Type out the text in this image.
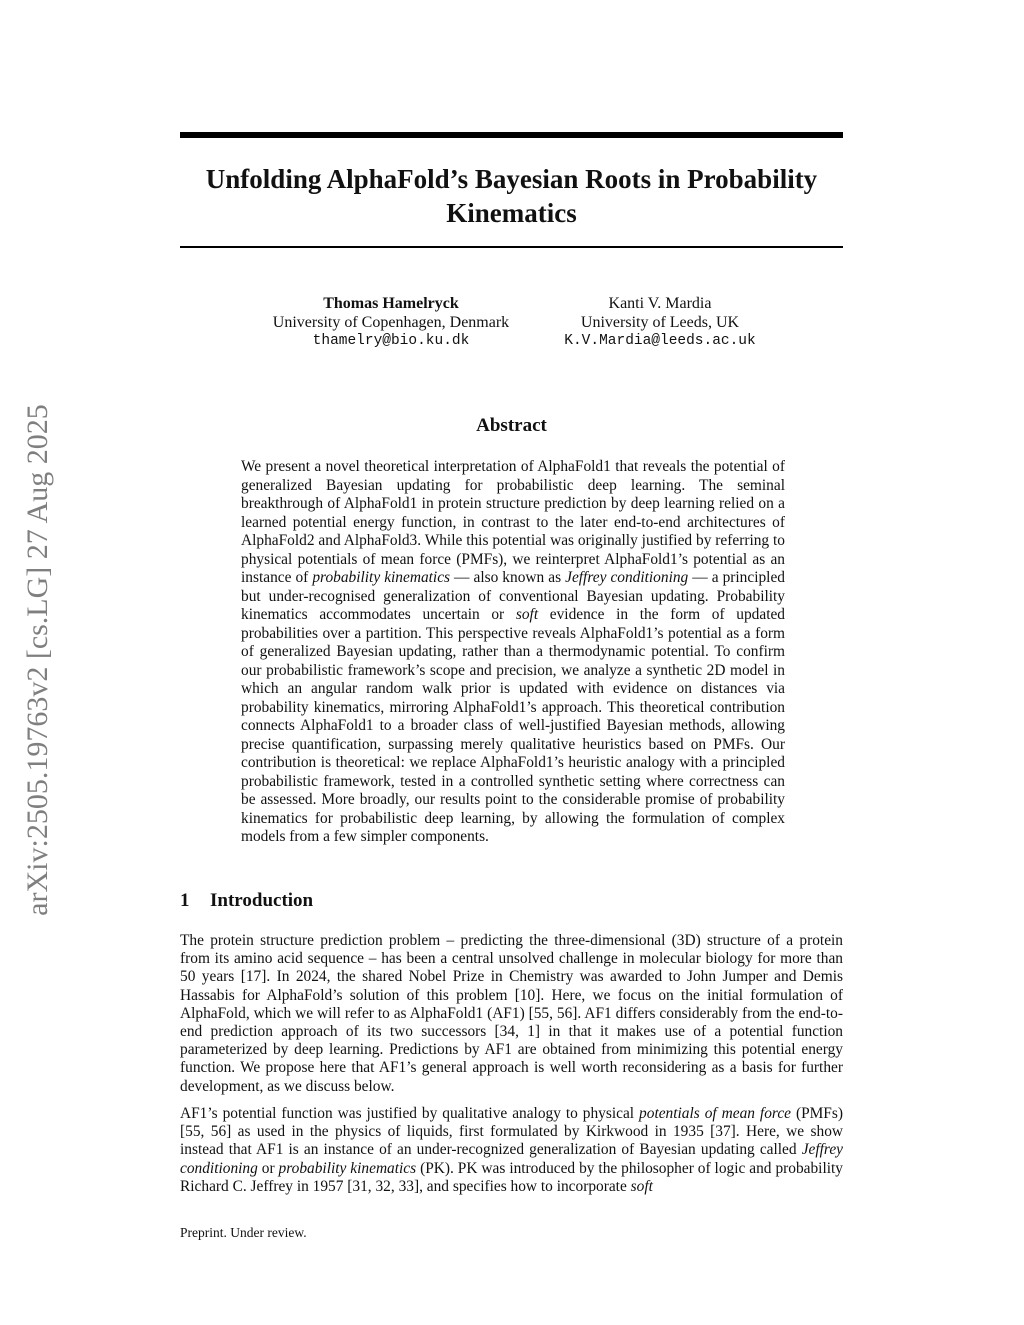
arXiv:2505.19763v2 [cs.LG] 27 Aug 2025
Unfolding AlphaFold’s Bayesian Roots in Probability Kinematics
Thomas Hamelryck
University of Copenhagen, Denmark
thamelry@bio.ku.dk
Kanti V. Mardia
University of Leeds, UK
K.V.Mardia@leeds.ac.uk
Abstract

We present a novel theoretical interpretation of AlphaFold1 that reveals the potential of generalized Bayesian updating for probabilistic deep learning. The seminal breakthrough of AlphaFold1 in protein structure prediction by deep learning relied on a learned potential energy function, in contrast to the later end-to-end architectures of AlphaFold2 and AlphaFold3. While this potential was originally justified by referring to physical potentials of mean force (PMFs), we reinterpret AlphaFold1’s potential as an instance of probability kinematics — also known as Jeffrey conditioning — a principled but under-recognised generalization of conventional Bayesian updating. Probability kinematics accommodates uncertain or soft evidence in the form of updated probabilities over a partition. This perspective reveals AlphaFold1’s potential as a form of generalized Bayesian updating, rather than a thermodynamic potential. To confirm our probabilistic framework’s scope and precision, we analyze a synthetic 2D model in which an angular random walk prior is updated with evidence on distances via probability kinematics, mirroring AlphaFold1’s approach. This theoretical contribution connects AlphaFold1 to a broader class of well-justified Bayesian methods, allowing precise quantification, surpassing merely qualitative heuristics based on PMFs. Our contribution is theoretical: we replace AlphaFold1’s heuristic analogy with a principled probabilistic framework, tested in a controlled synthetic setting where correctness can be assessed. More broadly, our results point to the considerable promise of probability kinematics for probabilistic deep learning, by allowing the formulation of complex models from a few simpler components.

1 Introduction

The protein structure prediction problem – predicting the three-dimensional (3D) structure of a protein from its amino acid sequence – has been a central unsolved challenge in molecular biology for more than 50 years [17]. In 2024, the shared Nobel Prize in Chemistry was awarded to John Jumper and Demis Hassabis for AlphaFold’s solution of this problem [10]. Here, we focus on the initial formulation of AlphaFold, which we will refer to as AlphaFold1 (AF1) [55, 56]. AF1 differs considerably from the end-to-end prediction approach of its two successors [34, 1] in that it makes use of a potential function parameterized by deep learning. Predictions by AF1 are obtained from minimizing this potential energy function. We propose here that AF1’s general approach is well worth reconsidering as a basis for further development, as we discuss below.

AF1’s potential function was justified by qualitative analogy to physical potentials of mean force (PMFs) [55, 56] as used in the physics of liquids, first formulated by Kirkwood in 1935 [37]. Here, we show instead that AF1 is an instance of an under-recognized generalization of Bayesian updating called Jeffrey conditioning or probability kinematics (PK). PK was introduced by the philosopher of logic and probability Richard C. Jeffrey in 1957 [31, 32, 33], and specifies how to incorporate soft

Preprint. Under review.
